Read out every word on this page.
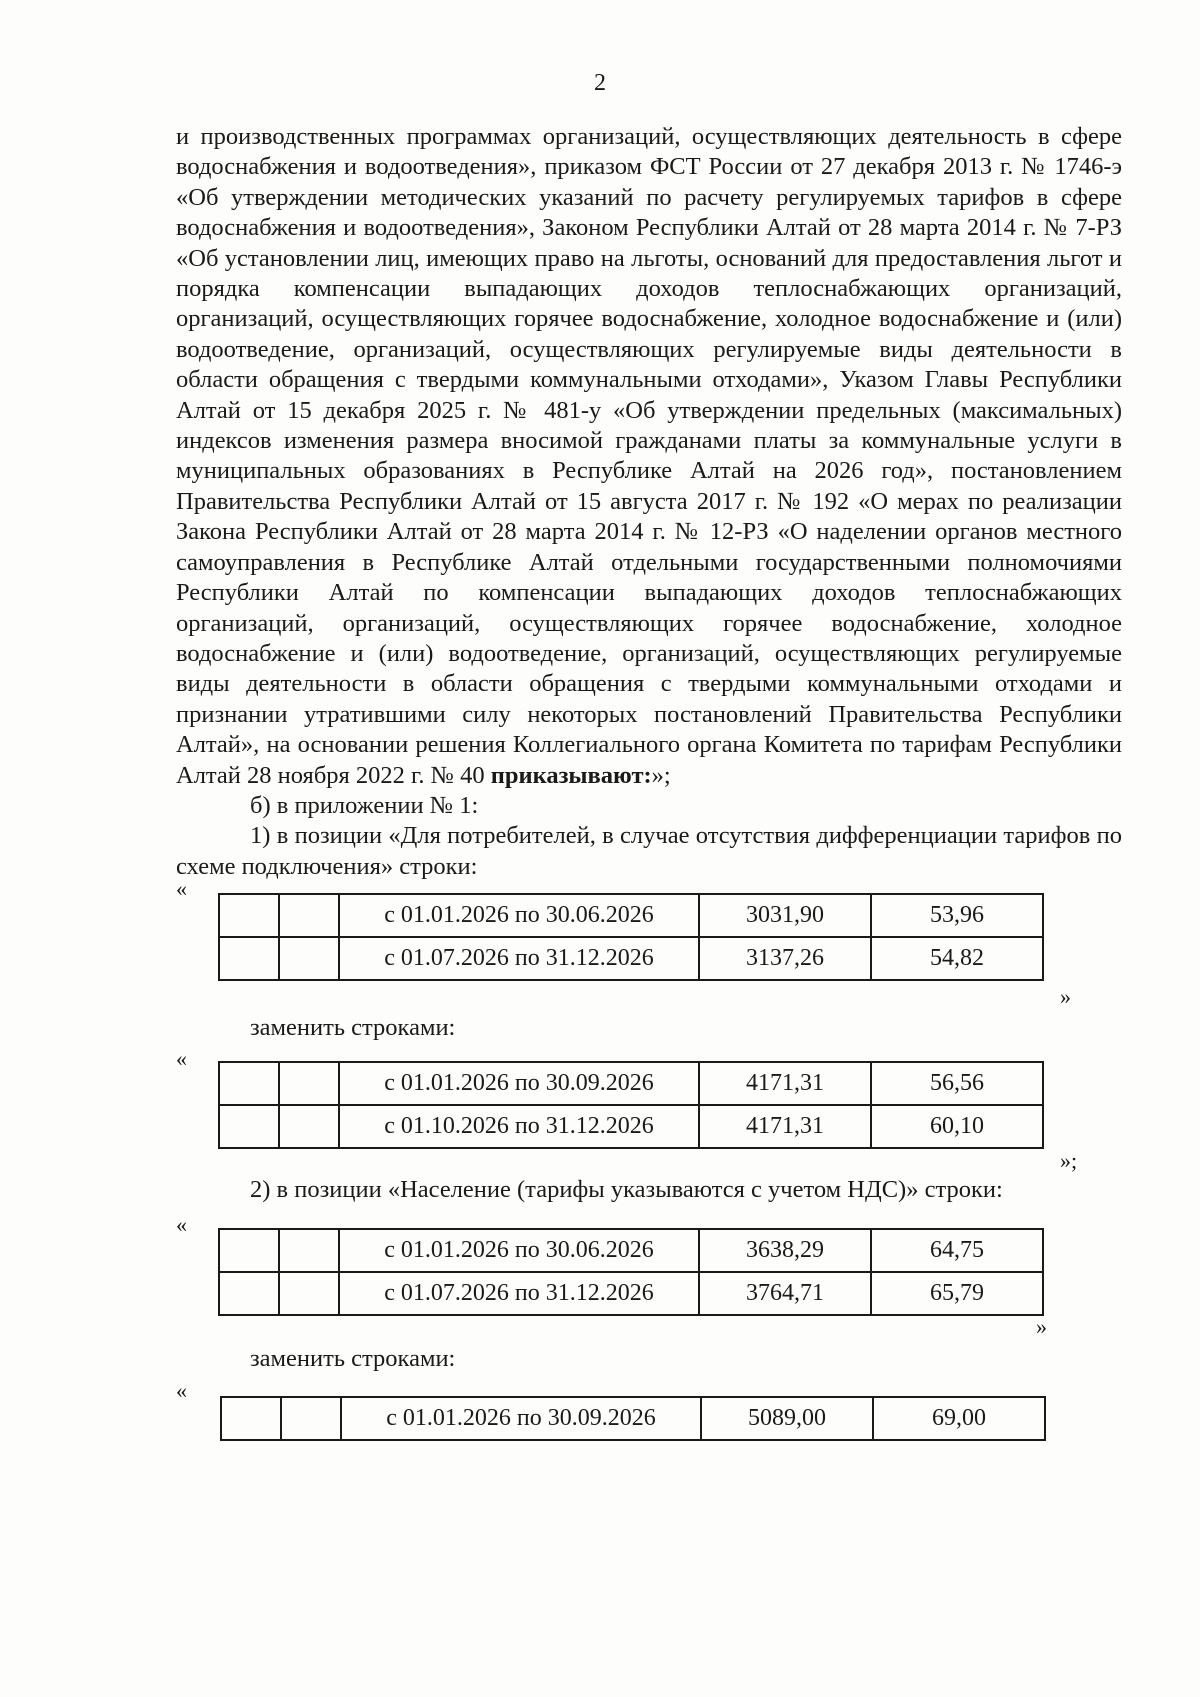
2

и производственных программах организаций, осуществляющих деятельность в сфере водоснабжения и водоотведения», приказом ФСТ России от 27 декабря 2013 г. № 1746-э «Об утверждении методических указаний по расчету регулируемых тарифов в сфере водоснабжения и водоотведения», Законом Республики Алтай от 28 марта 2014 г. № 7-РЗ «Об установлении лиц, имеющих право на льготы, оснований для предоставления льгот и порядка компенсации выпадающих доходов теплоснабжающих организаций, организаций, осуществляющих горячее водоснабжение, холодное водоснабжение и (или) водоотведение, организаций, осуществляющих регулируемые виды деятельности в области обращения с твердыми коммунальными отходами», Указом Главы Республики Алтай от 15 декабря 2025 г. № 481-у «Об утверждении предельных (максимальных) индексов изменения размера вносимой гражданами платы за коммунальные услуги в муниципальных образованиях в Республике Алтай на 2026 год», постановлением Правительства Республики Алтай от 15 августа 2017 г. № 192 «О мерах по реализации Закона Республики Алтай от 28 марта 2014 г. № 12-РЗ «О наделении органов местного самоуправления в Республике Алтай отдельными государственными полномочиями Республики Алтай по компенсации выпадающих доходов теплоснабжающих организаций, организаций, осуществляющих горячее водоснабжение, холодное водоснабжение и (или) водоотведение, организаций, осуществляющих регулируемые виды деятельности в области обращения с твердыми коммунальными отходами и признании утратившими силу некоторых постановлений Правительства Республики Алтай», на основании решения Коллегиального органа Комитета по тарифам Республики Алтай 28 ноября 2022 г. № 40 приказывают:»;

б) в приложении № 1:

1) в позиции «Для потребителей, в случае отсутствия дифференциации тарифов по схеме подключения» строки:

«
		с 01.01.2026 по 30.06.2026	3031,90	53,96
		с 01.07.2026 по 31.12.2026	3137,26	54,82
»
заменить строками:
«
		с 01.01.2026 по 30.09.2026	4171,31	56,56
		с 01.10.2026 по 31.12.2026	4171,31	60,10
»;
2) в позиции «Население (тарифы указываются с учетом НДС)» строки:
«
		с 01.01.2026 по 30.06.2026	3638,29	64,75
		с 01.07.2026 по 31.12.2026	3764,71	65,79
»
заменить строками:
«
		с 01.01.2026 по 30.09.2026	5089,00	69,00
